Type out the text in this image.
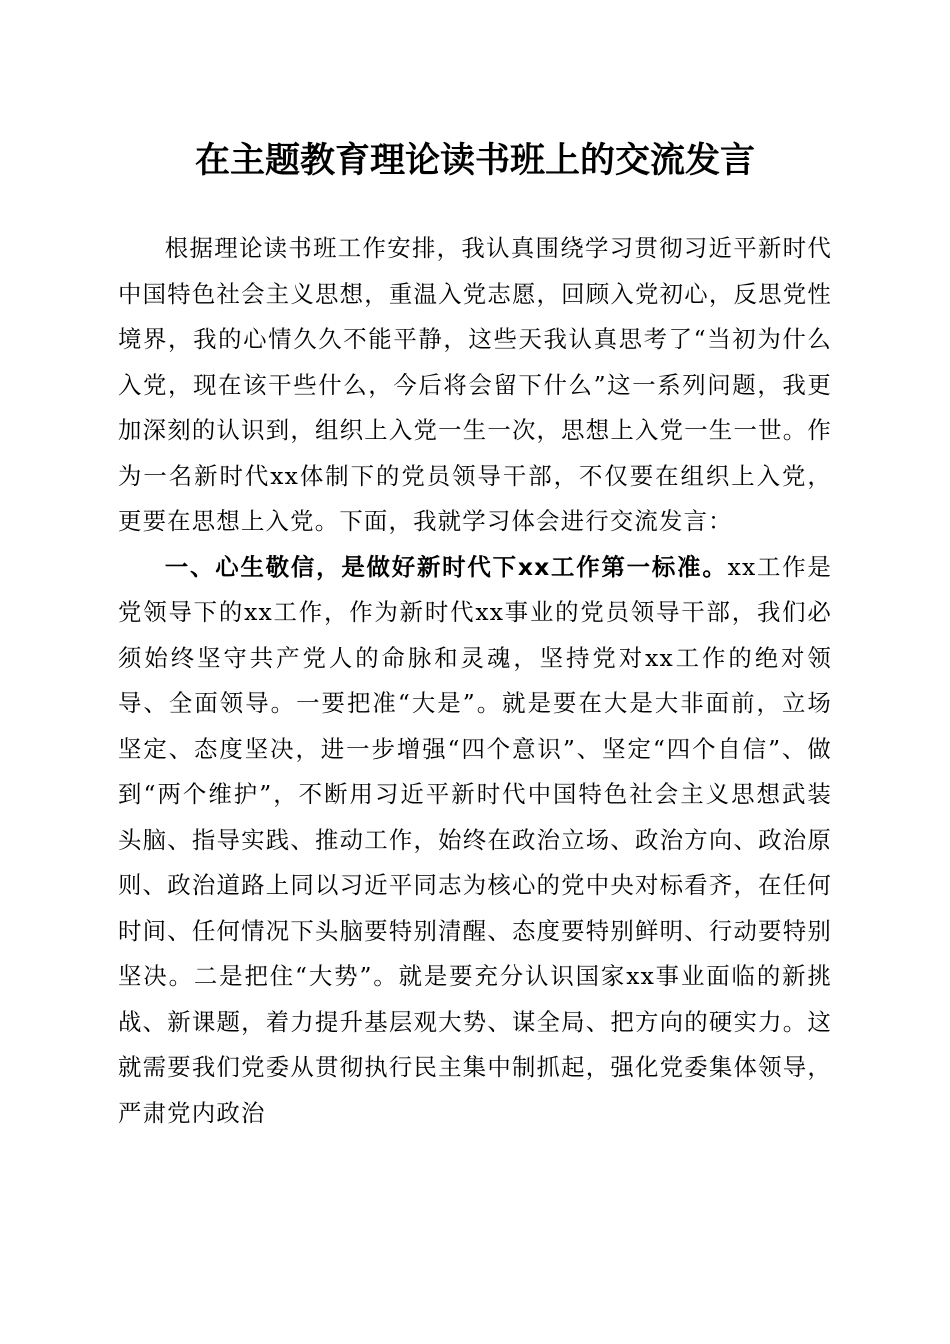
在主题教育理论读书班上的交流发言

根据理论读书班工作安排，我认真围绕学习贯彻习近平新时代中国特色社会主义思想，重温入党志愿，回顾入党初心，反思党性境界，我的心情久久不能平静，这些天我认真思考了“当初为什么入党，现在该干些什么，今后将会留下什么”这一系列问题，我更加深刻的认识到，组织上入党一生一次，思想上入党一生一世。作为一名新时代xx体制下的党员领导干部，不仅要在组织上入党，更要在思想上入党。下面，我就学习体会进行交流发言：

一、心生敬信，是做好新时代下xx工作第一标准。xx工作是党领导下的xx工作，作为新时代xx事业的党员领导干部，我们必须始终坚守共产党人的命脉和灵魂，坚持党对xx工作的绝对领导、全面领导。一要把准“大是”。就是要在大是大非面前，立场坚定、态度坚决，进一步增强“四个意识”、坚定“四个自信”、做到“两个维护”，不断用习近平新时代中国特色社会主义思想武装头脑、指导实践、推动工作，始终在政治立场、政治方向、政治原则、政治道路上同以习近平同志为核心的党中央对标看齐，在任何时间、任何情况下头脑要特别清醒、态度要特别鲜明、行动要特别坚决。二是把住“大势”。就是要充分认识国家xx事业面临的新挑战、新课题，着力提升基层观大势、谋全局、把方向的硬实力。这就需要我们党委从贯彻执行民主集中制抓起，强化党委集体领导，严肃党内政治
